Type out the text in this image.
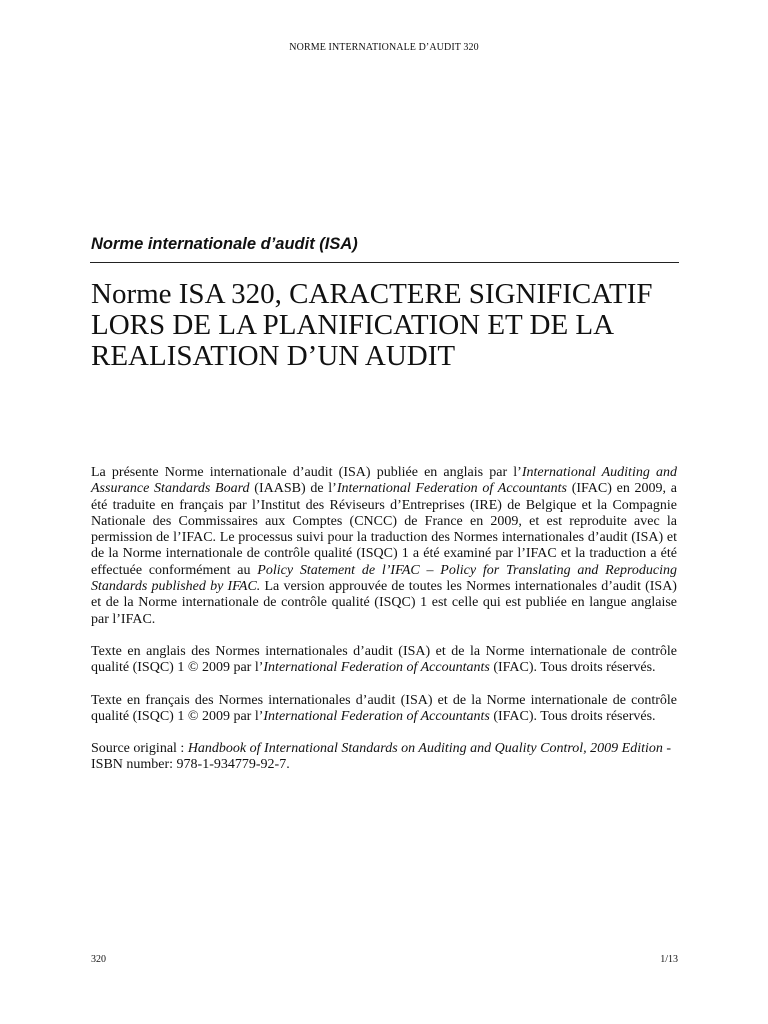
NORME INTERNATIONALE D’AUDIT 320
Norme internationale d’audit (ISA)
Norme ISA 320, CARACTERE SIGNIFICATIF
LORS DE LA PLANIFICATION ET DE LA
REALISATION D’UN AUDIT

La présente Norme internationale d’audit (ISA) publiée en anglais par l’International Auditing and Assurance Standards Board (IAASB) de l’International Federation of Accountants (IFAC) en 2009, a été traduite en français par l’Institut des Réviseurs d’Entreprises (IRE) de Belgique et la Compagnie Nationale des Commissaires aux Comptes (CNCC) de France en 2009, et est reproduite avec la permission de l’IFAC. Le processus suivi pour la traduction des Normes internationales d’audit (ISA) et de la Norme internationale de contrôle qualité (ISQC) 1 a été examiné par l’IFAC et la traduction a été effectuée conformément au Policy Statement de l’IFAC – Policy for Translating and Reproducing Standards published by IFAC. La version approuvée de toutes les Normes internationales d’audit (ISA) et de la Norme internationale de contrôle qualité (ISQC) 1 est celle qui est publiée en langue anglaise par l’IFAC.

Texte en anglais des Normes internationales d’audit (ISA) et de la Norme internationale de contrôle qualité (ISQC) 1 © 2009 par l’International Federation of Accountants (IFAC). Tous droits réservés.

Texte en français des Normes internationales d’audit (ISA) et de la Norme internationale de contrôle qualité (ISQC) 1 © 2009 par l’International Federation of Accountants (IFAC). Tous droits réservés.

Source original : Handbook of International Standards on Auditing and Quality Control, 2009 Edition - ISBN number: 978-1-934779-92-7.

320	1/13
